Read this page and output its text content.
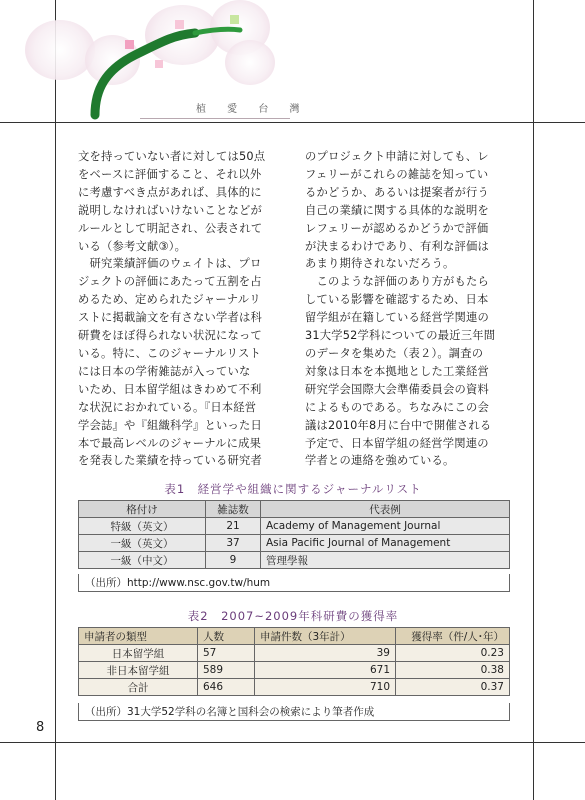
植 愛 台 灣

文を持っていない者に対しては50点

をベースに評価すること、それ以外

に考慮すべき点があれば、具体的に

説明しなければいけないことなどが

ルールとして明記され、公表されて

いる（参考文献③）。

　研究業績評価のウェイトは、プロ

ジェクトの評価にあたって五割を占

めるため、定められたジャーナルリ

ストに掲載論文を有さない学者は科

研費をほぼ得られない状況になって

いる。特に、このジャーナルリスト

には日本の学術雑誌が入っていな

いため、日本留学組はきわめて不利

な状況におかれている。『日本経営

学会誌』や『組織科学』といった日

本で最高レベルのジャーナルに成果

を発表した業績を持っている研究者

のプロジェクト申請に対しても、レ

フェリーがこれらの雑誌を知ってい

るかどうか、あるいは提案者が行う

自己の業績に関する具体的な説明を

レフェリーが認めるかどうかで評価

が決まるわけであり、有利な評価は

あまり期待されないだろう。

　このような評価のあり方がもたら

している影響を確認するため、日本

留学組が在籍している経営学関連の

31大学52学科についての最近三年間

のデータを集めた（表２）。調査の

対象は日本を本拠地とした工業経営

研究学会国際大会準備委員会の資料

によるものである。ちなみにこの会

議は2010年8月に台中で開催される

予定で、日本留学組の経営学関連の

学者との連絡を強めている。

表1　経営学や組織に関するジャーナルリスト
格付け	雑誌数	代表例
特級（英文）	21	Academy of Management Journal
一級（英文）	37	Asia Pacific Journal of Management
一級（中文）	9	管理學報
（出所）http://www.nsc.gov.tw/hum
表2　2007~2009年科研費の獲得率
申請者の類型	人数	申請件数（3年計）	獲得率（件/人･年）
日本留学組	57	39	0.23
非日本留学組	589	671	0.38
合計	646	710	0.37
（出所）31大学52学科の名簿と国科会の検索により筆者作成
8
